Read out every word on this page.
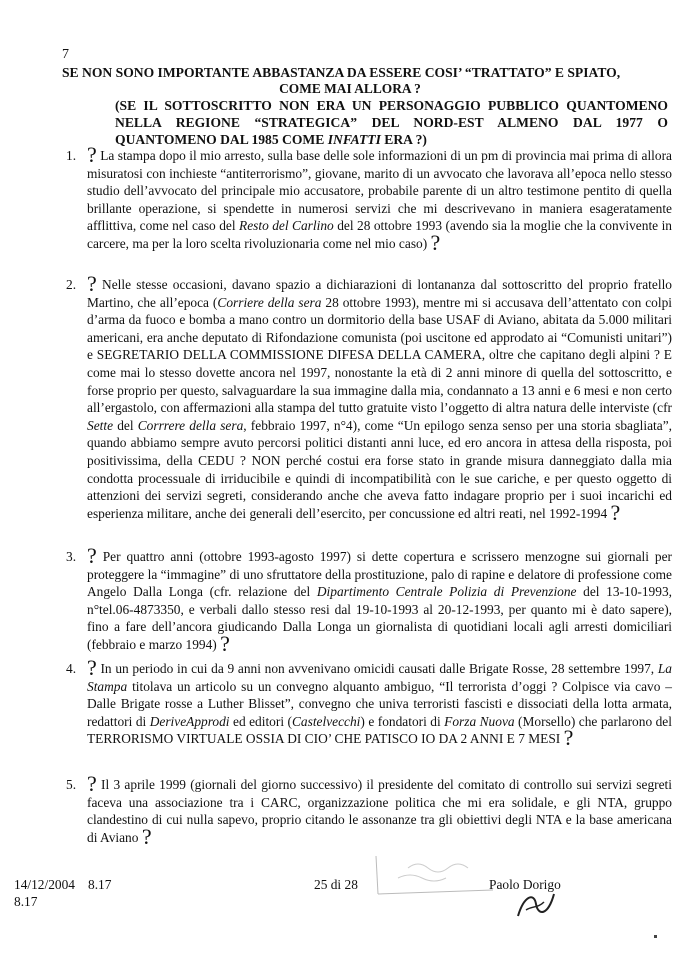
7
SE NON SONO IMPORTANTE ABBASTANZA DA ESSERE COSI’ “TRATTATO” E SPIATO,
COME MAI ALLORA ?
(SE IL SOTTOSCRITTO NON ERA UN PERSONAGGIO PUBBLICO QUANTOMENO NELLA REGIONE “STRATEGICA” DEL NORD-EST ALMENO DAL 1977 O QUANTOMENO DAL 1985 COME INFATTI ERA ?)
1. ? La stampa dopo il mio arresto, sulla base delle sole informazioni di un pm di provincia mai prima di allora misuratosi con inchieste “antiterrorismo”, giovane, marito di un avvocato che lavorava all’epoca nello stesso studio dell’avvocato del principale mio accusatore, probabile parente di un altro testimone pentito di quella brillante operazione, si spendette in numerosi servizi che mi descrivevano in maniera esageratamente afflittiva, come nel caso del Resto del Carlino del 28 ottobre 1993 (avendo sia la moglie che la convivente in carcere, ma per la loro scelta rivoluzionaria come nel mio caso) ?
2. ? Nelle stesse occasioni, davano spazio a dichiarazioni di lontananza dal sottoscritto del proprio fratello Martino, che all’epoca (Corriere della sera 28 ottobre 1993), mentre mi si accusava dell’attentato con colpi d’arma da fuoco e bomba a mano contro un dormitorio della base USAF di Aviano, abitata da 5.000 militari americani, era anche deputato di Rifondazione comunista (poi uscitone ed approdato ai “Comunisti unitari”) e SEGRETARIO DELLA COMMISSIONE DIFESA DELLA CAMERA, oltre che capitano degli alpini ? E come mai lo stesso dovette ancora nel 1997, nonostante la età di 2 anni minore di quella del sottoscritto, e forse proprio per questo, salvaguardare la sua immagine dalla mia, condannato a 13 anni e 6 mesi e non certo all’ergastolo, con affermazioni alla stampa del tutto gratuite visto l’oggetto di altra natura delle interviste (cfr Sette del Corrrere della sera, febbraio 1997, n°4), come “Un epilogo senza senso per una storia sbagliata”, quando abbiamo sempre avuto percorsi politici distanti anni luce, ed ero ancora in attesa della risposta, poi positivissima, della CEDU ? NON perché costui era forse stato in grande misura danneggiato dalla mia condotta processuale di irriducibile e quindi di incompatibilità con le sue cariche, e per questo oggetto di attenzioni dei servizi segreti, considerando anche che aveva fatto indagare proprio per i suoi incarichi ed esperienza militare, anche dei generali dell’esercito, per concussione ed altri reati, nel 1992-1994 ?
3. ? Per quattro anni (ottobre 1993-agosto 1997) si dette copertura e scrissero menzogne sui giornali per proteggere la “immagine” di uno sfruttatore della prostituzione, palo di rapine e delatore di professione come Angelo Dalla Longa (cfr. relazione del Dipartimento Centrale Polizia di Prevenzione del 13-10-1993, n°tel.06-4873350, e verbali dallo stesso resi dal 19-10-1993 al 20-12-1993, per quanto mi è dato sapere), fino a fare dell’ancora giudicando Dalla Longa un giornalista di quotidiani locali agli arresti domiciliari (febbraio e marzo 1994) ?
4. ? In un periodo in cui da 9 anni non avvenivano omicidi causati dalle Brigate Rosse, 28 settembre 1997, La Stampa titolava un articolo su un convegno alquanto ambiguo, “Il terrorista d’oggi ? Colpisce via cavo – Dalle Brigate rosse a Luther Blisset”, convegno che univa terroristi fascisti e dissociati della lotta armata, redattori di DeriveApprodi ed editori (Castelvecchi) e fondatori di Forza Nuova (Morsello) che parlarono del TERRORISMO VIRTUALE OSSIA DI CIO’ CHE PATISCO IO DA 2 ANNI E 7 MESI ?
5. ? Il 3 aprile 1999 (giornali del giorno successivo) il presidente del comitato di controllo sui servizi segreti faceva una associazione tra i CARC, organizzazione politica che mi era solidale, e gli NTA, gruppo clandestino di cui nulla sapevo, proprio citando le assonanze tra gli obiettivi degli NTA e la base americana di Aviano ?
14/12/2004 8.17
8.17
25 di 28	Paolo Dorigo
